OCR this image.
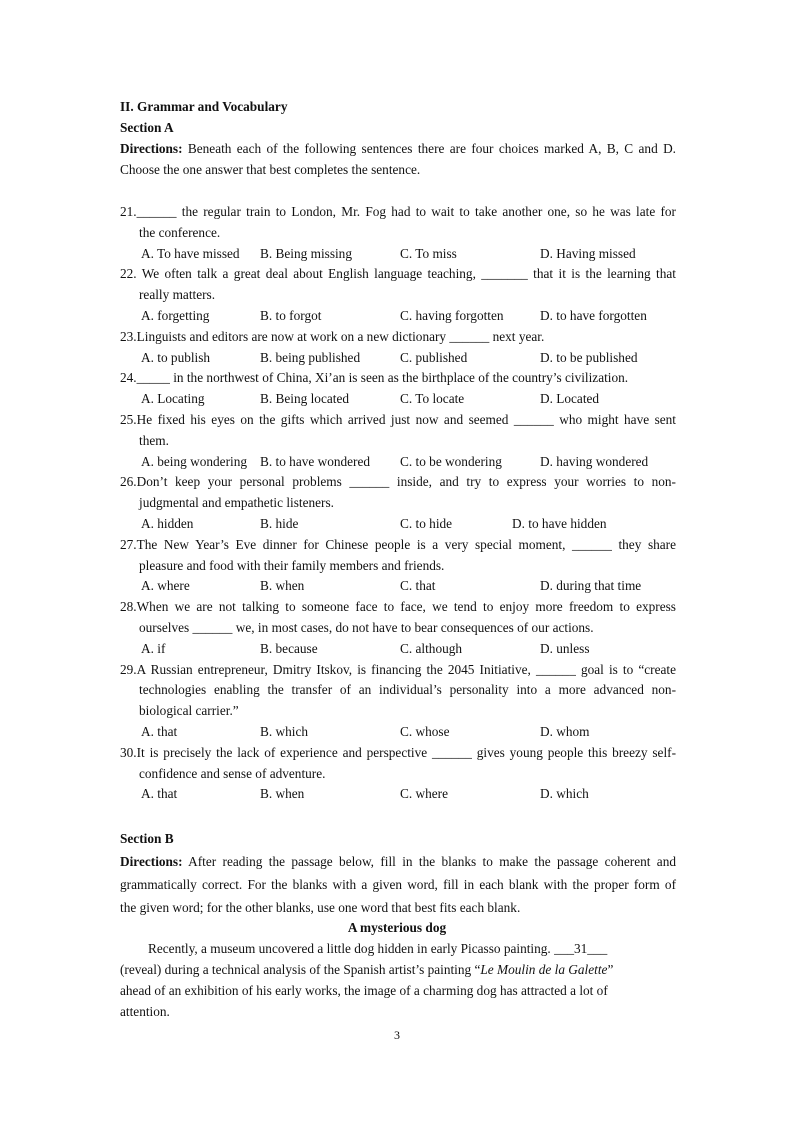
II. Grammar and Vocabulary
Section A
Directions: Beneath each of the following sentences there are four choices marked A, B, C and D.
Choose the one answer that best completes the sentence.
21.______ the regular train to London, Mr. Fog had to wait to take another one, so he was late for
the conference.
A. To have missed B. Being missing	C. To miss	D. Having missed
22. We often talk a great deal about English language teaching, _______ that it is the learning that
really matters.
A. forgetting	B. to forgot	C. having forgotten	D. to have forgotten
23.Linguists and editors are now at work on a new dictionary ______ next year.
A. to publish	B. being published	C. published	D. to be published
24._____ in the northwest of China, Xi’an is seen as the birthplace of the country’s civilization.
A. Locating	B. Being located	C. To locate	D. Located
25.He fixed his eyes on the gifts which arrived just now and seemed ______ who might have sent
them.
A. being wondering B. to have wondered C. to be wondering	D. having wondered
26.Don’t keep your personal problems ______ inside, and try to express your worries to non-
judgmental and empathetic listeners.
A. hidden	B. hide	C. to hide	D. to have hidden
27.The New Year’s Eve dinner for Chinese people is a very special moment, ______ they share
pleasure and food with their family members and friends.
A. where	B. when	C. that	D. during that time
28.When we are not talking to someone face to face, we tend to enjoy more freedom to express
ourselves ______ we, in most cases, do not have to bear consequences of our actions.
A. if	B. because	C. although	D. unless
29.A Russian entrepreneur, Dmitry Itskov, is financing the 2045 Initiative, ______ goal is to “create
technologies enabling the transfer of an individual’s personality into a more advanced non-
biological carrier.”
A. that	B. which	C. whose	D. whom
30.It is precisely the lack of experience and perspective ______ gives young people this breezy self-
confidence and sense of adventure.
A. that	B. when	C. where	D. which
Section B
Directions: After reading the passage below, fill in the blanks to make the passage coherent and
grammatically correct. For the blanks with a given word, fill in each blank with the proper form of
the given word; for the other blanks, use one word that best fits each blank.
A mysterious dog
Recently, a museum uncovered a little dog hidden in early Picasso painting. ___31___
(reveal) during a technical analysis of the Spanish artist’s painting “Le Moulin de la Galette”
ahead of an exhibition of his early works, the image of a charming dog has attracted a lot of
attention.
3
